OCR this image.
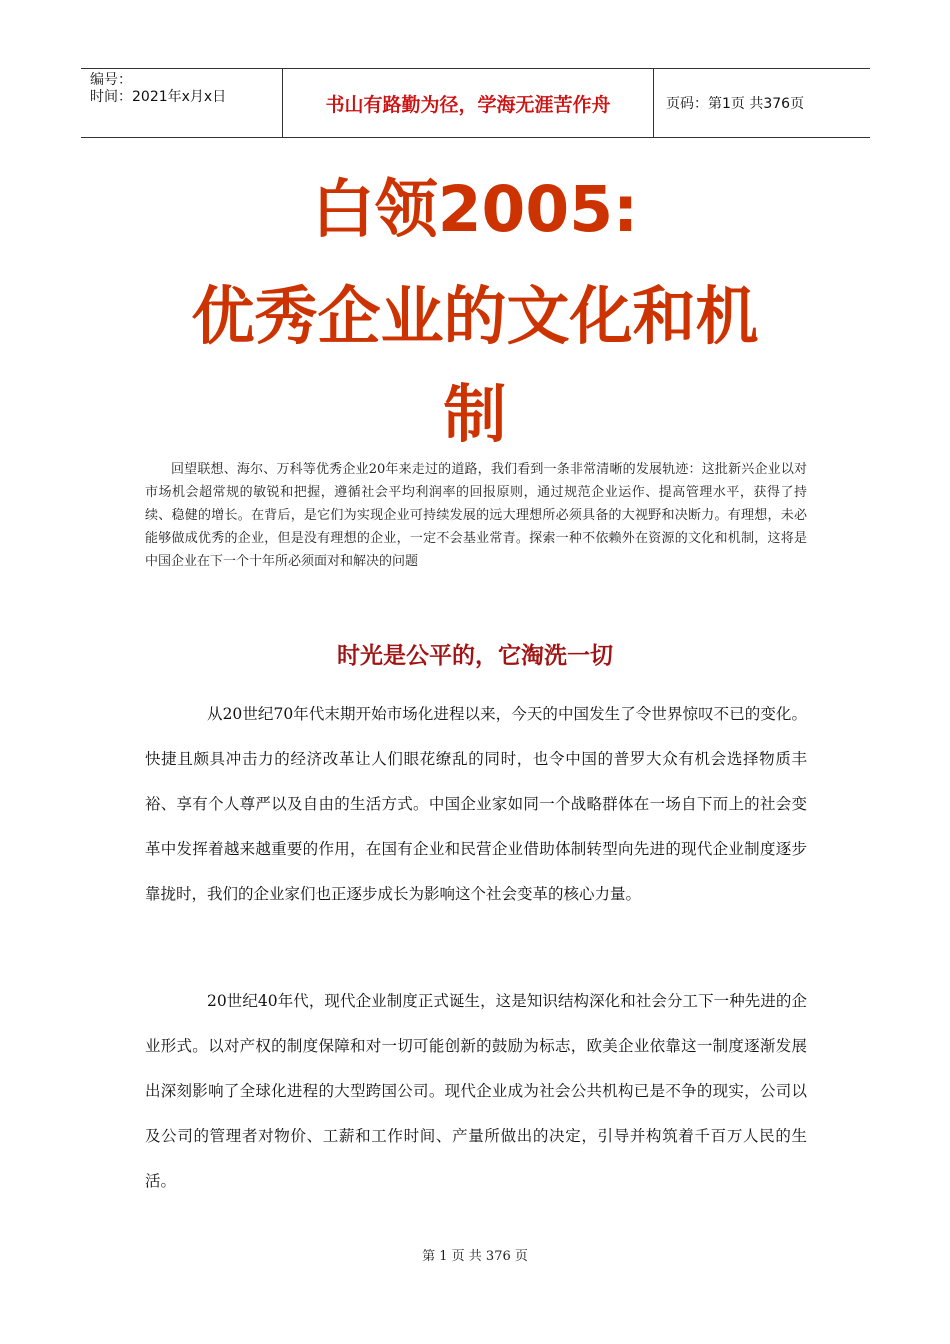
编号：
时间：2021年x月x日	书山有路勤为径，学海无涯苦作舟	页码：第1页 共376页
白领2005:
优秀企业的文化和机
制

回望联想、海尔、万科等优秀企业20年来走过的道路，我们看到一条非常清晰的发展轨迹：这批新兴企业以对市场机会超常规的敏锐和把握，遵循社会平均利润率的回报原则，通过规范企业运作、提高管理水平，获得了持续、稳健的增长。在背后，是它们为实现企业可持续发展的远大理想所必须具备的大视野和决断力。有理想，未必能够做成优秀的企业，但是没有理想的企业，一定不会基业常青。探索一种不依赖外在资源的文化和机制，这将是中国企业在下一个十年所必须面对和解决的问题

时光是公平的，它淘洗一切

从20世纪70年代末期开始市场化进程以来，今天的中国发生了令世界惊叹不已的变化。快捷且颇具冲击力的经济改革让人们眼花缭乱的同时，也令中国的普罗大众有机会选择物质丰裕、享有个人尊严以及自由的生活方式。中国企业家如同一个战略群体在一场自下而上的社会变革中发挥着越来越重要的作用，在国有企业和民营企业借助体制转型向先进的现代企业制度逐步靠拢时，我们的企业家们也正逐步成长为影响这个社会变革的核心力量。

20世纪40年代，现代企业制度正式诞生，这是知识结构深化和社会分工下一种先进的企业形式。以对产权的制度保障和对一切可能创新的鼓励为标志，欧美企业依靠这一制度逐渐发展出深刻影响了全球化进程的大型跨国公司。现代企业成为社会公共机构已是不争的现实，公司以及公司的管理者对物价、工薪和工作时间、产量所做出的决定，引导并构筑着千百万人民的生活。

第 1 页 共 376 页
